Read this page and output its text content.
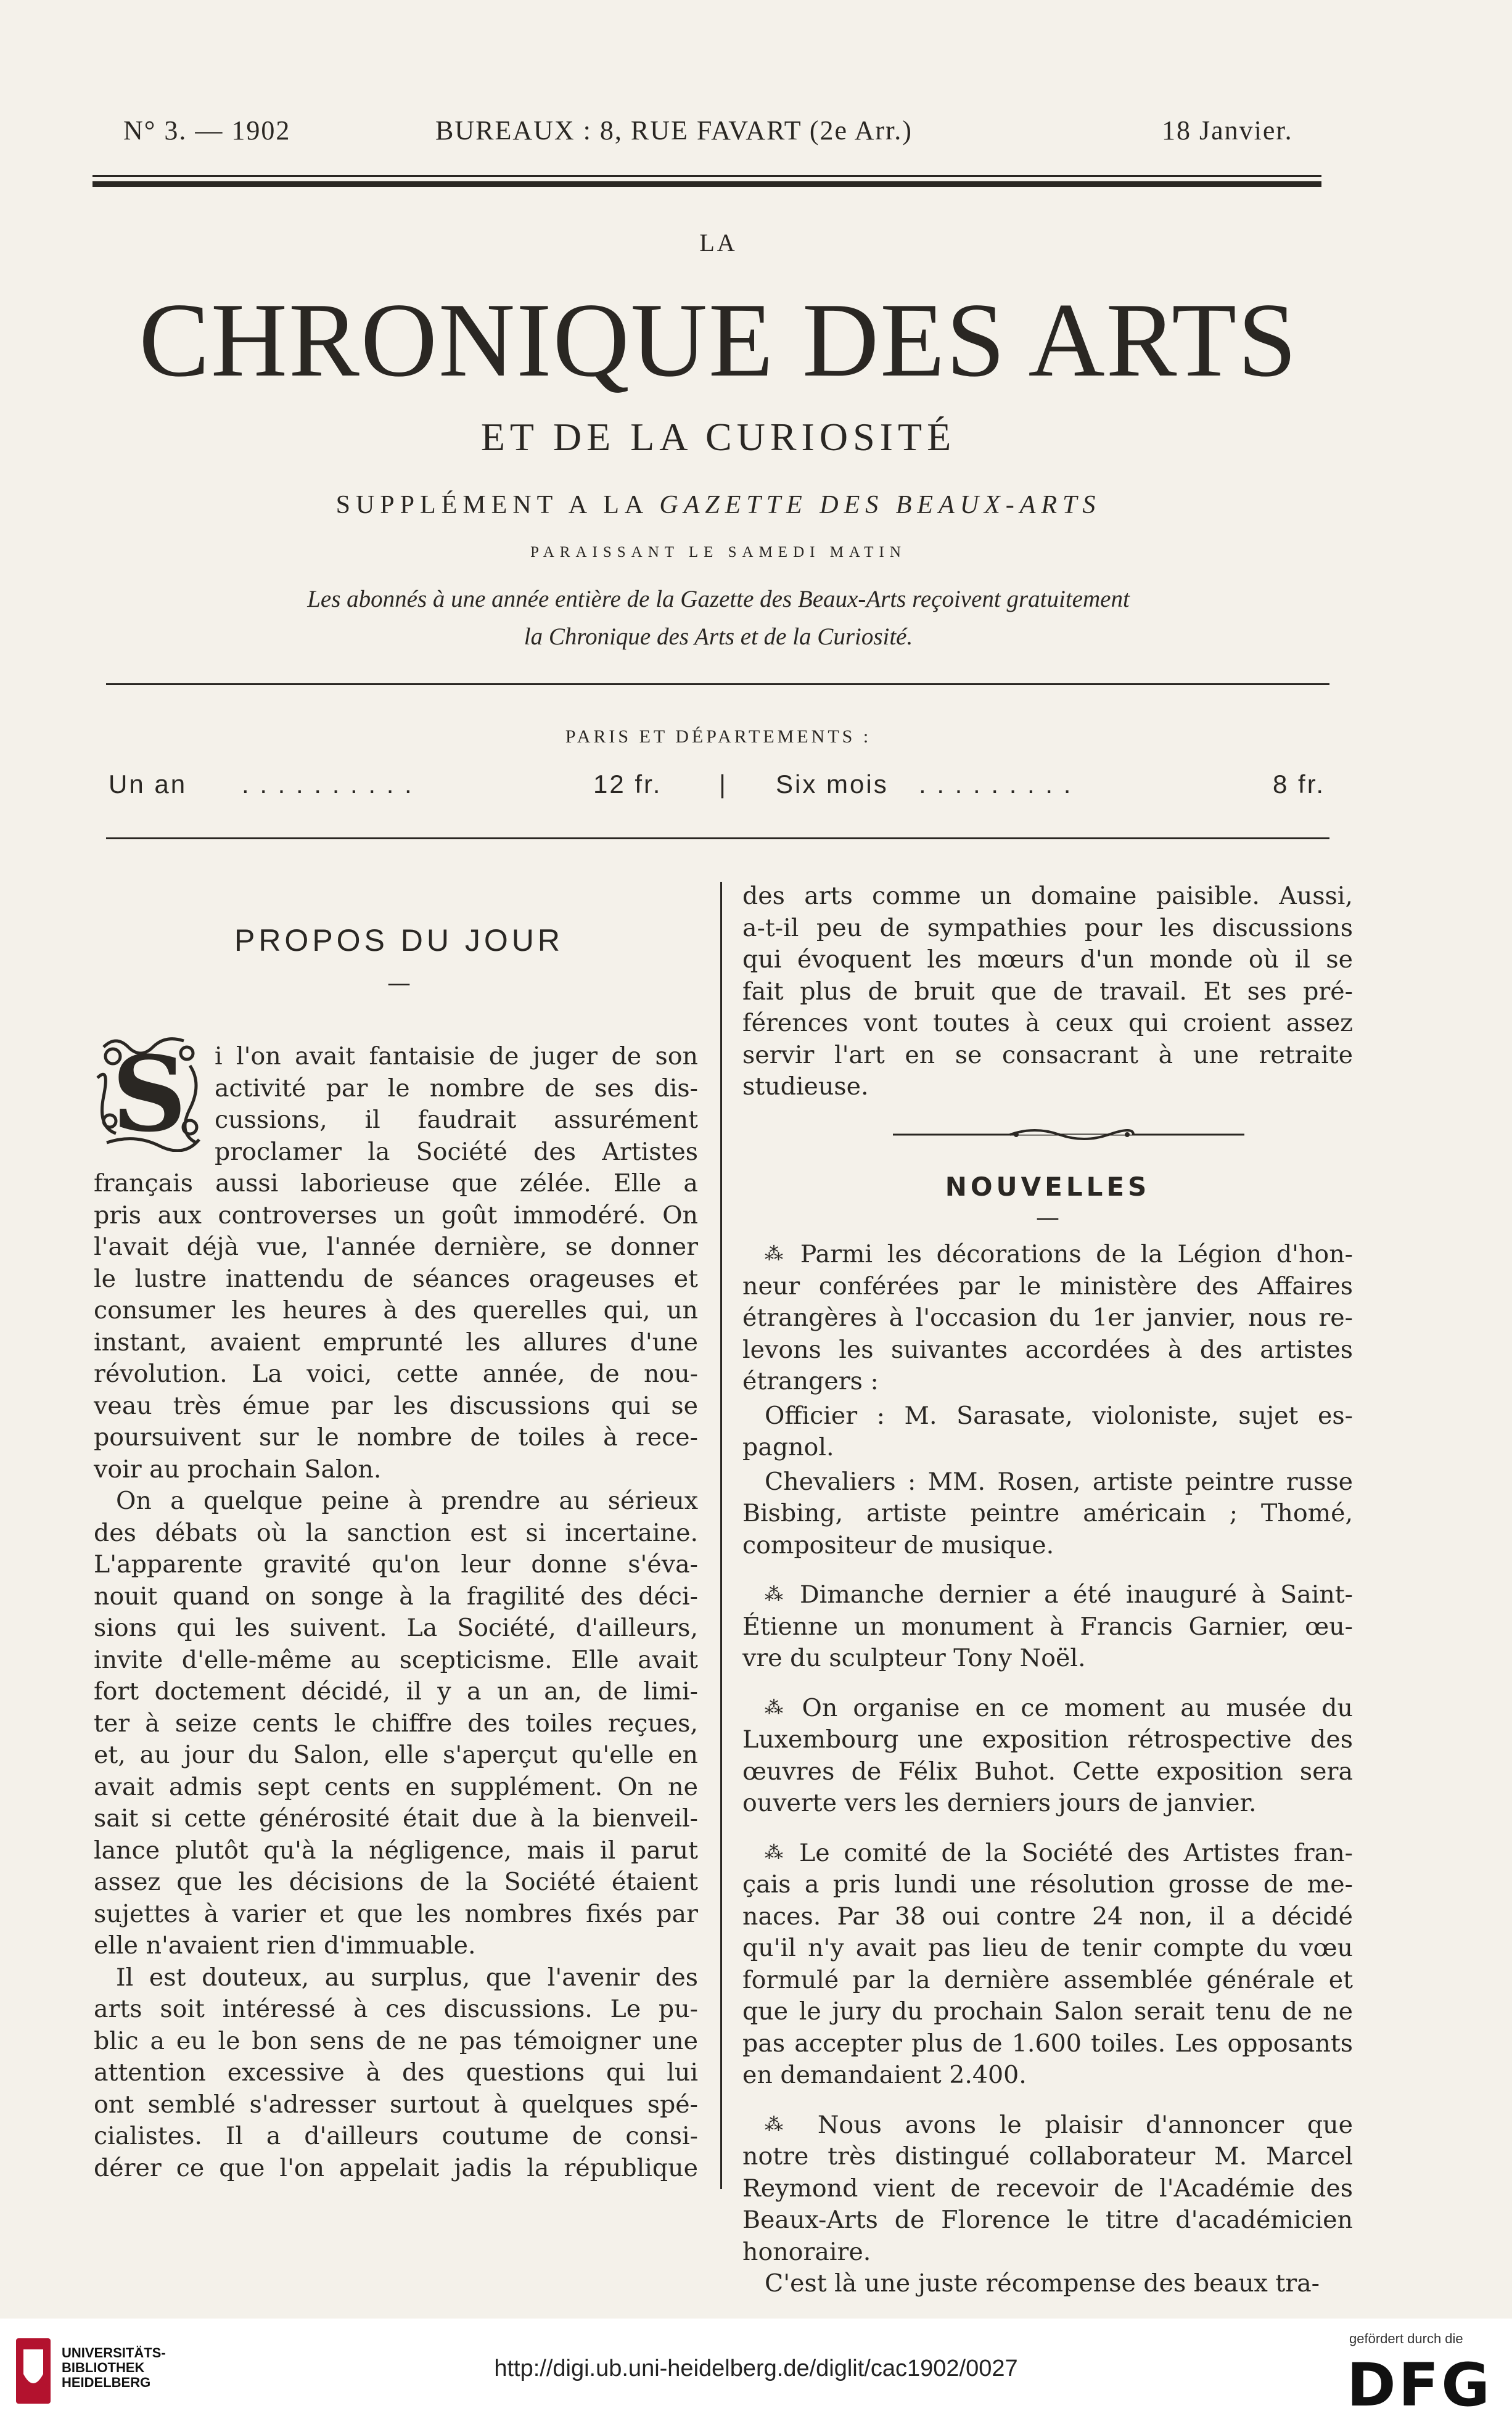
N° 3. — 1902	BUREAUX : 8, RUE FAVART (2e Arr.)	18 Janvier.
LA
CHRONIQUE DES ARTS
ET DE LA CURIOSITÉ
SUPPLÉMENT A LA GAZETTE DES BEAUX-ARTS
PARAISSANT LE SAMEDI MATIN
Les abonnés à une année entière de la Gazette des Beaux-Arts reçoivent gratuitement
la Chronique des Arts et de la Curiosité.
PARIS ET DÉPARTEMENTS :
Un an . . . . . . . . . .	12 fr. | Six mois . . . . . . . . .	8 fr.
PROPOS DU JOUR
—
S	i l'on avait fantaisie de juger de son
activité par le nombre de ses dis-
cussions, il faudrait assurément
proclamer la Société des Artistes
français aussi laborieuse que zélée. Elle a
pris aux controverses un goût immodéré. On
l'avait déjà vue, l'année dernière, se donner
le lustre inattendu de séances orageuses et
consumer les heures à des querelles qui, un
instant, avaient emprunté les allures d'une
révolution. La voici, cette année, de nou-
veau très émue par les discussions qui se
poursuivent sur le nombre de toiles à rece-
voir au prochain Salon.
On a quelque peine à prendre au sérieux
des débats où la sanction est si incertaine.
L'apparente gravité qu'on leur donne s'éva-
nouit quand on songe à la fragilité des déci-
sions qui les suivent. La Société, d'ailleurs,
invite d'elle-même au scepticisme. Elle avait
fort doctement décidé, il y a un an, de limi-
ter à seize cents le chiffre des toiles reçues,
et, au jour du Salon, elle s'aperçut qu'elle en
avait admis sept cents en supplément. On ne
sait si cette générosité était due à la bienveil-
lance plutôt qu'à la négligence, mais il parut
assez que les décisions de la Société étaient
sujettes à varier et que les nombres fixés par
elle n'avaient rien d'immuable.
Il est douteux, au surplus, que l'avenir des
arts soit intéressé à ces discussions. Le pu-
blic a eu le bon sens de ne pas témoigner une
attention excessive à des questions qui lui
ont semblé s'adresser surtout à quelques spé-
cialistes. Il a d'ailleurs coutume de consi-
dérer ce que l'on appelait jadis la république
des arts comme un domaine paisible. Aussi,
a-t-il peu de sympathies pour les discussions
qui évoquent les mœurs d'un monde où il se
fait plus de bruit que de travail. Et ses pré-
férences vont toutes à ceux qui croient assez
servir l'art en se consacrant à une retraite
studieuse.
NOUVELLES
—
⁂ Parmi les décorations de la Légion d'hon-
neur conférées par le ministère des Affaires
étrangères à l'occasion du 1er janvier, nous re-
levons les suivantes accordées à des artistes
étrangers :
Officier : M. Sarasate, violoniste, sujet es-
pagnol.
Chevaliers : MM. Rosen, artiste peintre russe
Bisbing, artiste peintre américain ; Thomé,
compositeur de musique.
⁂ Dimanche dernier a été inauguré à Saint-
Étienne un monument à Francis Garnier, œu-
vre du sculpteur Tony Noël.
⁂ On organise en ce moment au musée du
Luxembourg une exposition rétrospective des
œuvres de Félix Buhot. Cette exposition sera
ouverte vers les derniers jours de janvier.
⁂ Le comité de la Société des Artistes fran-
çais a pris lundi une résolution grosse de me-
naces. Par 38 oui contre 24 non, il a décidé
qu'il n'y avait pas lieu de tenir compte du vœu
formulé par la dernière assemblée générale et
que le jury du prochain Salon serait tenu de ne
pas accepter plus de 1.600 toiles. Les opposants
en demandaient 2.400.
⁂ Nous avons le plaisir d'annoncer que
notre très distingué collaborateur M. Marcel
Reymond vient de recevoir de l'Académie des
Beaux-Arts de Florence le titre d'académicien
honoraire.
C'est là une juste récompense des beaux tra-
UNIVERSITÄTS-
BIBLIOTHEK
HEIDELBERG
http://digi.ub.uni-heidelberg.de/diglit/cac1902/0027
gefördert durch die
DFG
